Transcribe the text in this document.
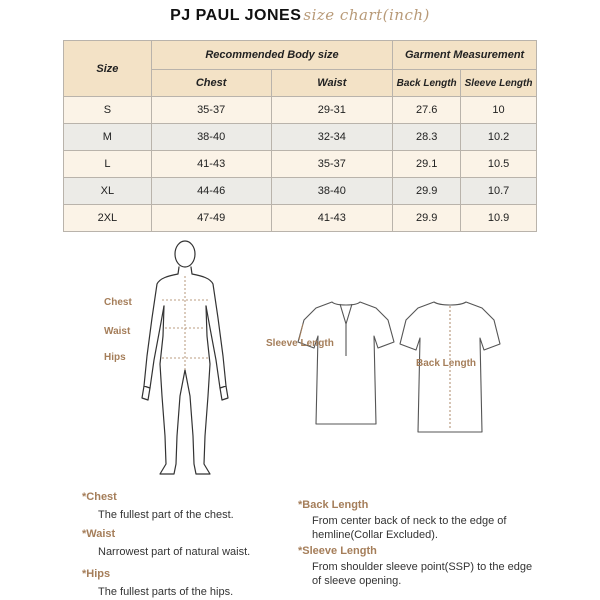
PJ PAUL JONES size chart(inch)
Size	Recommended Body size		Garment Measurement	
	Chest	Waist	Back Length	Sleeve Length
S	35-37	29-31	27.6	10
M	38-40	32-34	28.3	10.2
L	41-43	35-37	29.1	10.5
XL	44-46	38-40	29.9	10.7
2XL	47-49	41-43	29.9	10.9
Chest
Waist
Hips
Sleeve Length
Back Length
*Chest
The fullest part of the chest.
*Waist
Narrowest part of natural waist.
*Hips
The fullest parts of the hips.
*Back Length
From center back of neck to the edge of hemline(Collar Excluded).
*Sleeve Length
From shoulder sleeve point(SSP) to the edge of sleeve opening.
